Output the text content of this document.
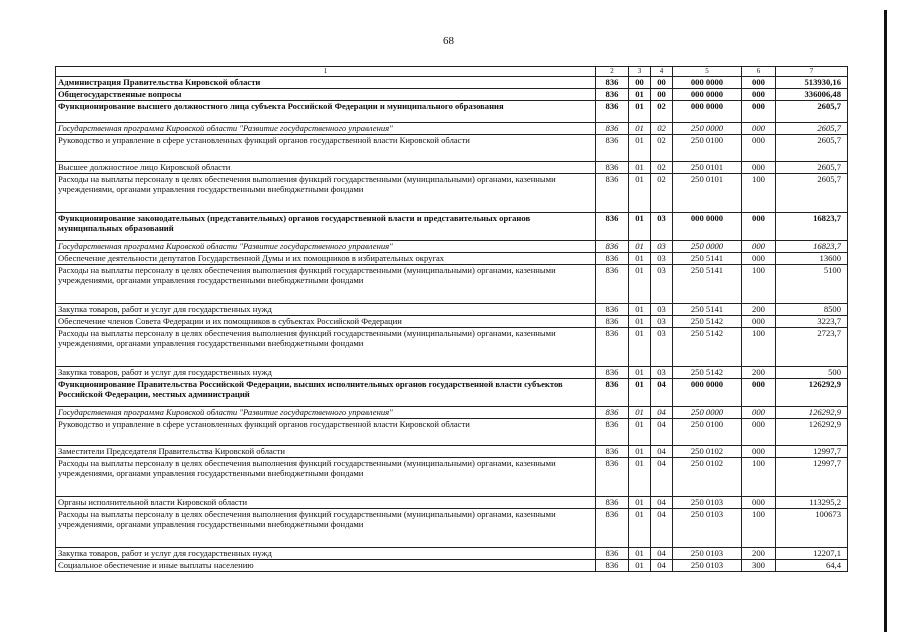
68
1	2	3	4	5	6	7
Администрация Правительства Кировской области	836	00	00	000 0000	000	513930,16
Общегосударственные вопросы	836	01	00	000 0000	000	336006,48
Функционирование высшего должностного лица субъекта Российской Федерации и муниципального образования	836	01	02	000 0000	000	2605,7
Государственная программа Кировской области "Развитие государственного управления"	836	01	02	250 0000	000	2605,7
Руководство и управление в сфере установленных функций органов государственной власти Кировской области	836	01	02	250 0100	000	2605,7
Высшее должностное лицо Кировской области	836	01	02	250 0101	000	2605,7
Расходы на выплаты персоналу в целях обеспечения выполнения функций государственными (муниципальными) органами, казенными учреждениями, органами управления государственными внебюджетными фондами	836	01	02	250 0101	100	2605,7
Функционирование законодательных (представительных) органов государственной власти и представительных органов муниципальных образований	836	01	03	000 0000	000	16823,7
Государственная программа Кировской области "Развитие государственного управления"	836	01	03	250 0000	000	16823,7
Обеспечение деятельности депутатов Государственной Думы и их помощников в избирательных округах	836	01	03	250 5141	000	13600
Расходы на выплаты персоналу в целях обеспечения выполнения функций государственными (муниципальными) органами, казенными учреждениями, органами управления государственными внебюджетными фондами	836	01	03	250 5141	100	5100
Закупка товаров, работ и услуг для государственных нужд	836	01	03	250 5141	200	8500
Обеспечение членов Совета Федерации и их помощников в субъектах Российской Федерации	836	01	03	250 5142	000	3223,7
Расходы на выплаты персоналу в целях обеспечения выполнения функций государственными (муниципальными) органами, казенными учреждениями, органами управления государственными внебюджетными фондами	836	01	03	250 5142	100	2723,7
Закупка товаров, работ и услуг для государственных нужд	836	01	03	250 5142	200	500
Функционирование Правительства Российской Федерации, высших исполнительных органов государственной власти субъектов Российской Федерации, местных администраций	836	01	04	000 0000	000	126292,9
Государственная программа Кировской области "Развитие государственного управления"	836	01	04	250 0000	000	126292,9
Руководство и управление в сфере установленных функций органов государственной власти Кировской области	836	01	04	250 0100	000	126292,9
Заместители Председателя Правительства Кировской области	836	01	04	250 0102	000	12997,7
Расходы на выплаты персоналу в целях обеспечения выполнения функций государственными (муниципальными) органами, казенными учреждениями, органами управления государственными внебюджетными фондами	836	01	04	250 0102	100	12997,7
Органы исполнительной власти Кировской области	836	01	04	250 0103	000	113295,2
Расходы на выплаты персоналу в целях обеспечения выполнения функций государственными (муниципальными) органами, казенными учреждениями, органами управления государственными внебюджетными фондами	836	01	04	250 0103	100	100673
Закупка товаров, работ и услуг для государственных нужд	836	01	04	250 0103	200	12207,1
Социальное обеспечение и иные выплаты населению	836	01	04	250 0103	300	64,4
